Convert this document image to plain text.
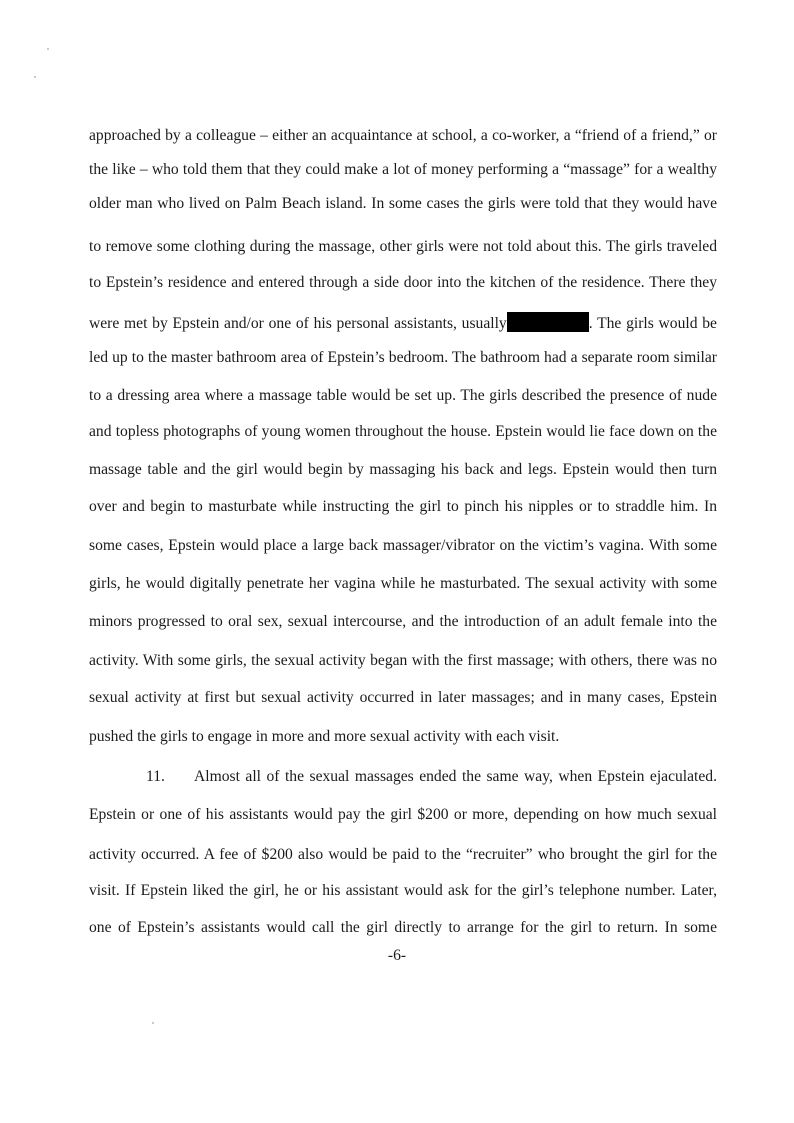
approached by a colleague – either an acquaintance at school, a co-worker, a “friend of a friend,” or
the like – who told them that they could make a lot of money performing a “massage” for a wealthy
older man who lived on Palm Beach island. In some cases the girls were told that they would have
to remove some clothing during the massage, other girls were not told about this. The girls traveled
to Epstein’s residence and entered through a side door into the kitchen of the residence. There they
were met by Epstein and/or one of his personal assistants, usually	. The girls would be
led up to the master bathroom area of Epstein’s bedroom. The bathroom had a separate room similar
to a dressing area where a massage table would be set up. The girls described the presence of nude
and topless photographs of young women throughout the house. Epstein would lie face down on the
massage table and the girl would begin by massaging his back and legs. Epstein would then turn
over and begin to masturbate while instructing the girl to pinch his nipples or to straddle him. In
some cases, Epstein would place a large back massager/vibrator on the victim’s vagina. With some
girls, he would digitally penetrate her vagina while he masturbated. The sexual activity with some
minors progressed to oral sex, sexual intercourse, and the introduction of an adult female into the
activity. With some girls, the sexual activity began with the first massage; with others, there was no
sexual activity at first but sexual activity occurred in later massages; and in many cases, Epstein
pushed the girls to engage in more and more sexual activity with each visit.
11. Almost all of the sexual massages ended the same way, when Epstein ejaculated.
Epstein or one of his assistants would pay the girl $200 or more, depending on how much sexual
activity occurred. A fee of $200 also would be paid to the “recruiter” who brought the girl for the
visit. If Epstein liked the girl, he or his assistant would ask for the girl’s telephone number. Later,
one of Epstein’s assistants would call the girl directly to arrange for the girl to return. In some
-6-
